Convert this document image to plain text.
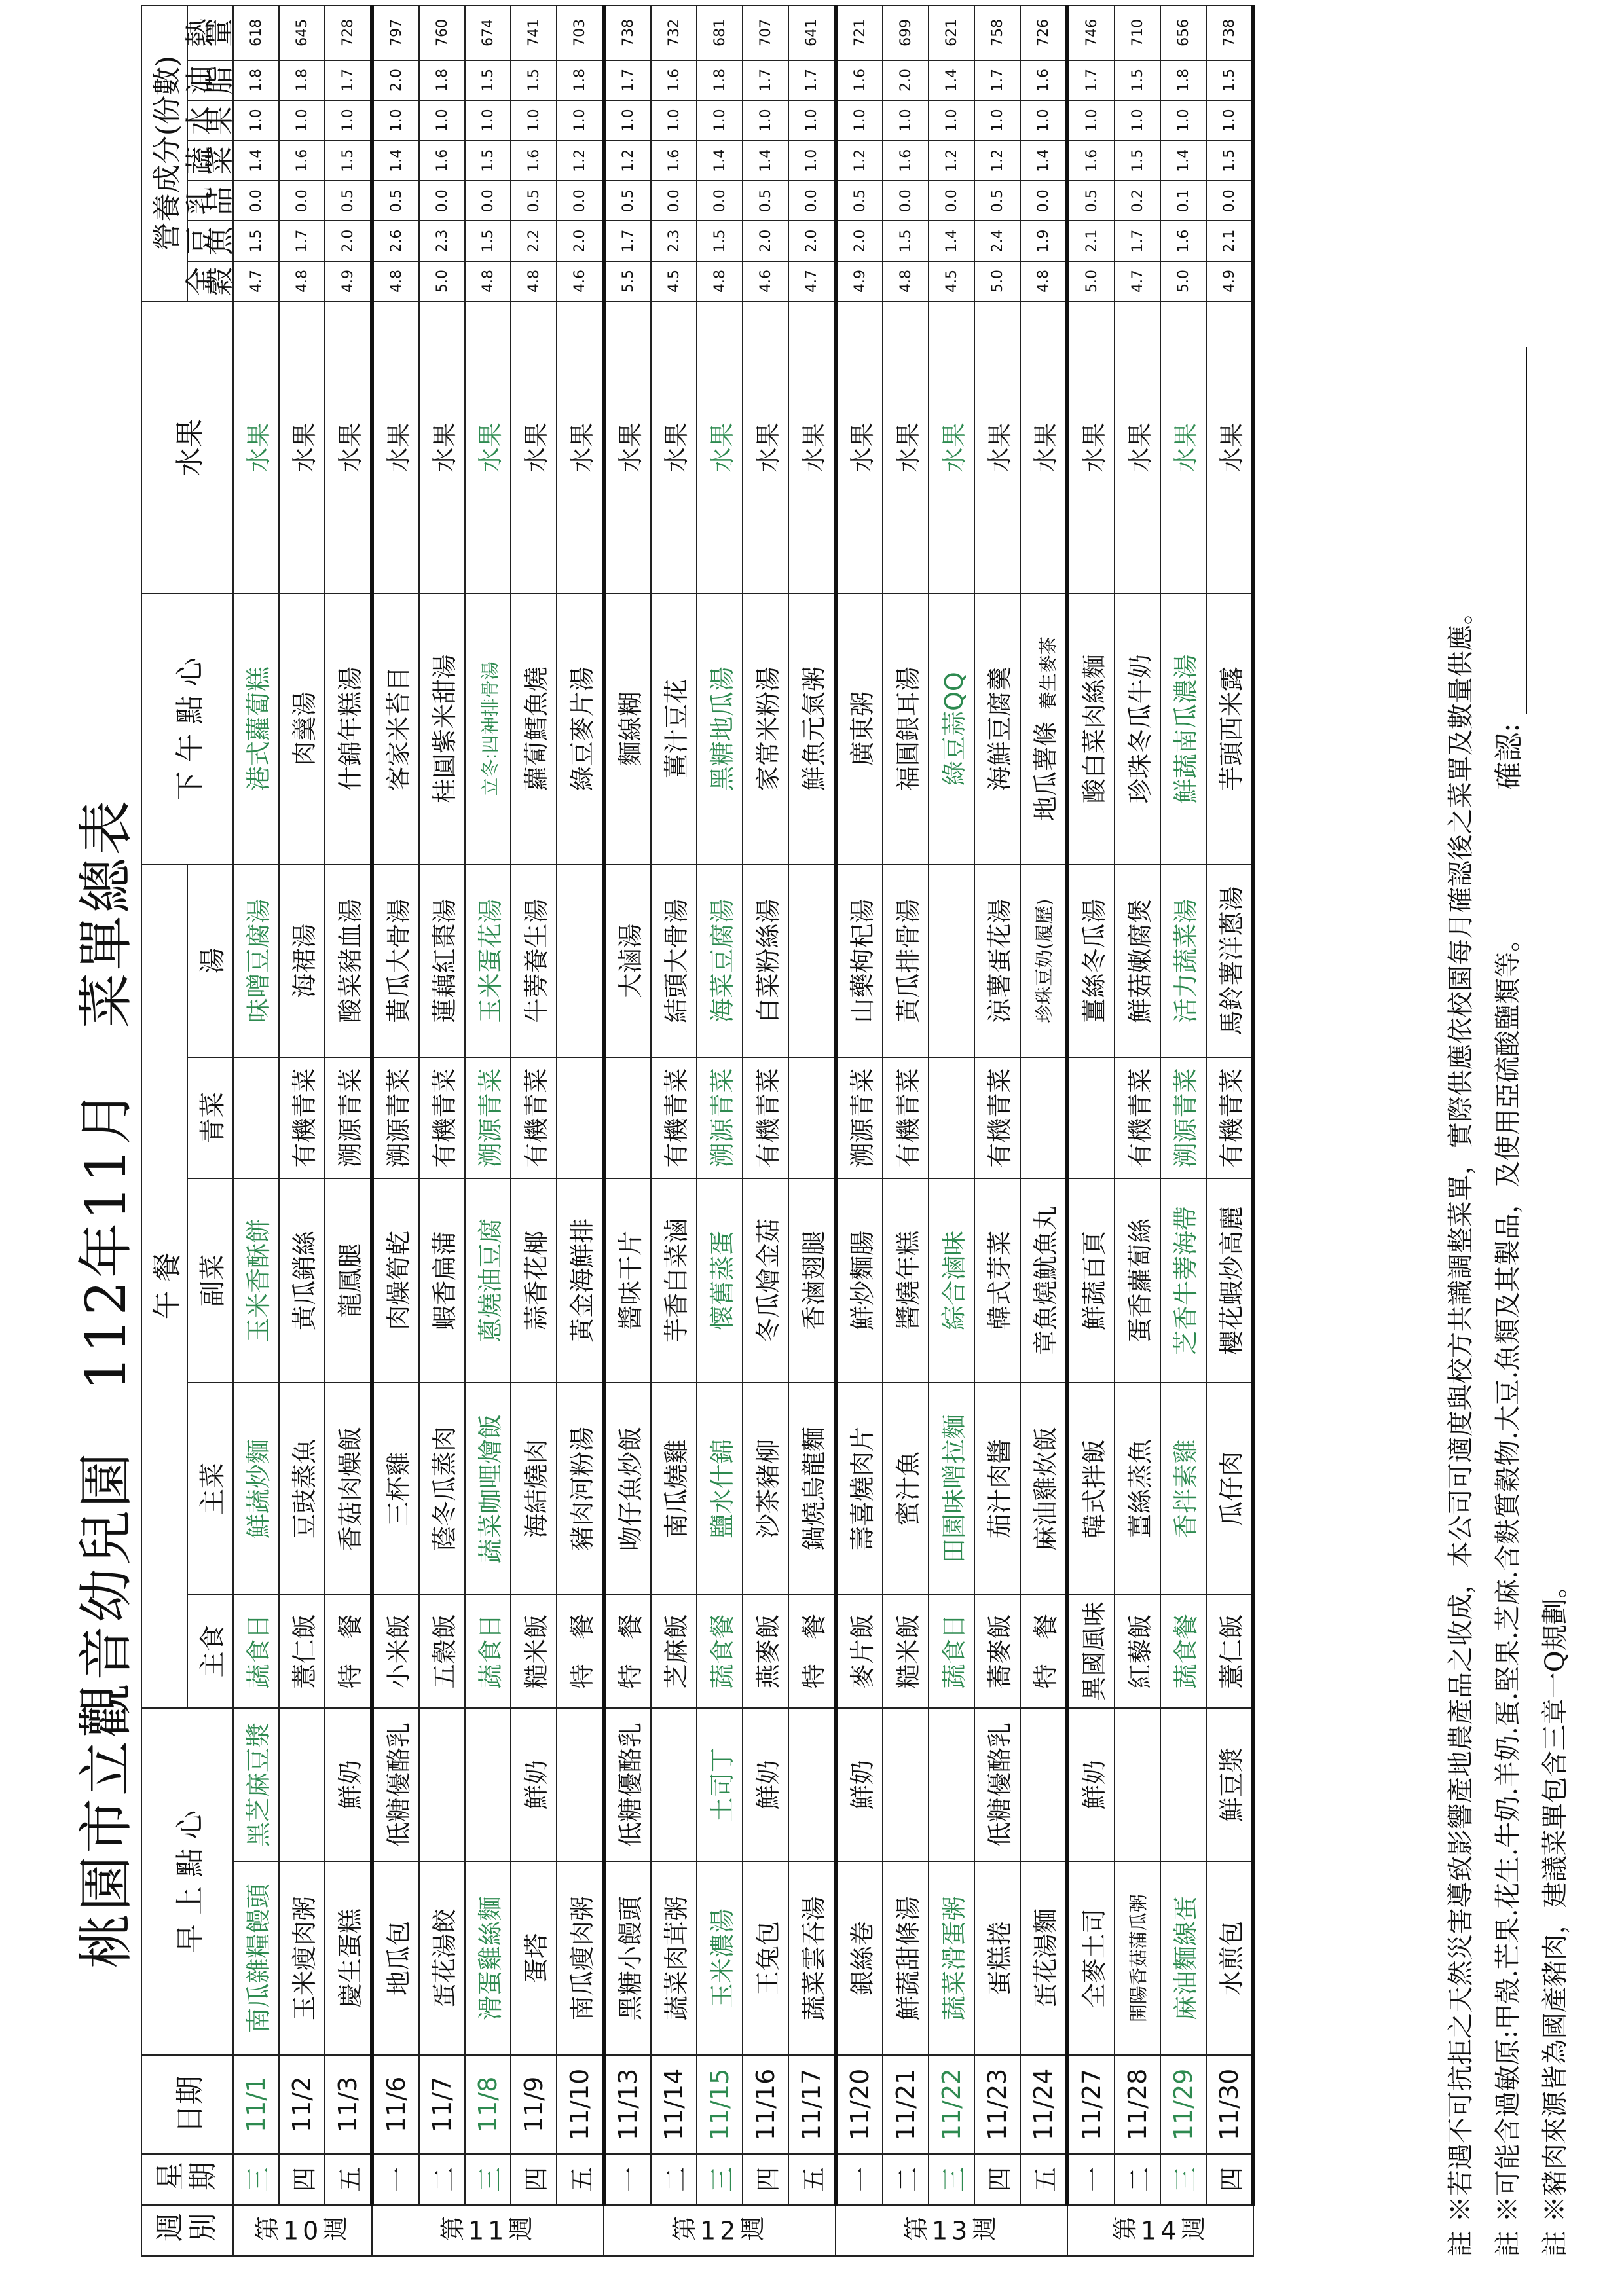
桃園市立觀音幼兒園 112年11月 菜單總表
週別	星期	日期	早 上 點 心		午 餐					下 午 點 心	水果	營養成分(份數)						
					主食	主菜	副菜	青菜	湯			全穀	豆魚	乳品	蔬菜	水果	油脂	熱量
第10週	三	11/1	南瓜雜糧饅頭	黑芝麻豆漿	蔬食日	鮮蔬炒麵	玉米香酥餅		味噌豆腐湯	港式蘿蔔糕	水果	4.7	1.5	0.0	1.4	1.0	1.8	618
	四	11/2	玉米瘦肉粥		薏仁飯	豆豉蒸魚	黃瓜銷絲	有機青菜	海裙湯	肉羹湯	水果	4.8	1.7	0.0	1.6	1.0	1.8	645
	五	11/3	慶生蛋糕	鮮奶	特　餐	香菇肉燥飯	龍鳳腿	溯源青菜	酸菜豬血湯	什錦年糕湯	水果	4.9	2.0	0.5	1.5	1.0	1.7	728
第11週	一	11/6	地瓜包	低糖優酪乳	小米飯	三杯雞	肉燥筍乾	溯源青菜	黃瓜大骨湯	客家米苔目	水果	4.8	2.6	0.5	1.4	1.0	2.0	797
	二	11/7	蛋花湯餃		五穀飯	蔭冬瓜蒸肉	蝦香扁蒲	有機青菜	蓮藕紅棗湯	桂圓紫米甜湯	水果	5.0	2.3	0.0	1.6	1.0	1.8	760
	三	11/8	滑蛋雞絲麵		蔬食日	蔬菜咖哩燴飯	蔥燒油豆腐	溯源青菜	玉米蛋花湯	立冬:四神排骨湯	水果	4.8	1.5	0.0	1.5	1.0	1.5	674
	四	11/9	蛋塔	鮮奶	糙米飯	海結燒肉	蒜香花椰	有機青菜	牛蒡養生湯	蘿蔔鱈魚燒	水果	4.8	2.2	0.5	1.6	1.0	1.5	741
	五	11/10	南瓜瘦肉粥		特　餐	豬肉河粉湯	黃金海鮮排			綠豆麥片湯	水果	4.6	2.0	0.0	1.2	1.0	1.8	703
第12週	一	11/13	黑糖小饅頭	低糖優酪乳	特　餐	吻仔魚炒飯	醬味干片		大滷湯	麵線糊	水果	5.5	1.7	0.5	1.2	1.0	1.7	738
	二	11/14	蔬菜肉茸粥		芝麻飯	南瓜燒雞	芋香白菜滷	有機青菜	結頭大骨湯	薑汁豆花	水果	4.5	2.3	0.0	1.6	1.0	1.6	732
	三	11/15	玉米濃湯	土司丁	蔬食餐	鹽水什錦	懷舊蒸蛋	溯源青菜	海菜豆腐湯	黑糖地瓜湯	水果	4.8	1.5	0.0	1.4	1.0	1.8	681
	四	11/16	王兔包	鮮奶	燕麥飯	沙茶豬柳	冬瓜燴金菇	有機青菜	白菜粉絲湯	家常米粉湯	水果	4.6	2.0	0.5	1.4	1.0	1.7	707
	五	11/17	蔬菜雲吞湯		特　餐	鍋燒烏龍麵	香滷翅腿			鮮魚元氣粥	水果	4.7	2.0	0.0	1.0	1.0	1.7	641
第13週	一	11/20	銀絲卷	鮮奶	麥片飯	壽喜燒肉片	鮮炒麵腸	溯源青菜	山藥枸杞湯	廣東粥	水果	4.9	2.0	0.5	1.2	1.0	1.6	721
	二	11/21	鮮蔬甜條湯		糙米飯	蜜汁魚	醬燒年糕	有機青菜	黃瓜排骨湯	福圓銀耳湯	水果	4.8	1.5	0.0	1.6	1.0	2.0	699
	三	11/22	蔬菜滑蛋粥		蔬食日	田園味噌拉麵	綜合滷味			綠豆蒜QQ	水果	4.5	1.4	0.0	1.2	1.0	1.4	621
	四	11/23	蛋糕捲	低糖優酪乳	蕎麥飯	茄汁肉醬	韓式芽菜	有機青菜	涼薯蛋花湯	海鮮豆腐羹	水果	5.0	2.4	0.5	1.2	1.0	1.7	758
	五	11/24	蛋花湯麵		特　餐	麻油雞炊飯	章魚燒魷魚丸		珍珠豆奶(履歷)	地瓜薯條養生麥茶	水果	4.8	1.9	0.0	1.4	1.0	1.6	726
第14週	一	11/27	全麥土司	鮮奶	異國風味	韓式拌飯	鮮蔬百頁		薑絲冬瓜湯	酸白菜肉絲麵	水果	5.0	2.1	0.5	1.6	1.0	1.7	746
	二	11/28	開陽香菇蒲瓜粥		紅藜飯	薑絲蒸魚	蛋香蘿蔔絲	有機青菜	鮮菇嫩腐煲	珍珠冬瓜牛奶	水果	4.7	1.7	0.2	1.5	1.0	1.5	710
	三	11/29	麻油麵線蛋		蔬食餐	香拌素雞	芝香牛蒡海帶	溯源青菜	活力蔬菜湯	鮮蔬南瓜濃湯	水果	5.0	1.6	0.1	1.4	1.0	1.8	656
	四	11/30	水煎包	鮮豆漿	薏仁飯	瓜仔肉	櫻花蝦炒高麗	有機青菜	馬鈴薯洋蔥湯	芋頭西米露	水果	4.9	2.1	0.0	1.5	1.0	1.5	738
註 ※若遇不可抗拒之天然災害導致影響產地農產品之收成，本公司可適度與校方共識調整菜單，實際供應依校園每月確認後之菜單及數量供應。 註 ※可能含過敏原:甲殼.芒果.花生.牛奶.羊奶.蛋.堅果.芝麻.含麩質穀物.大豆.魚類及其製品，及使用亞硫酸鹽類等。 註 ※豬肉來源皆為國產豬肉，建議菜單包含三章一Q規劃。
確認:
